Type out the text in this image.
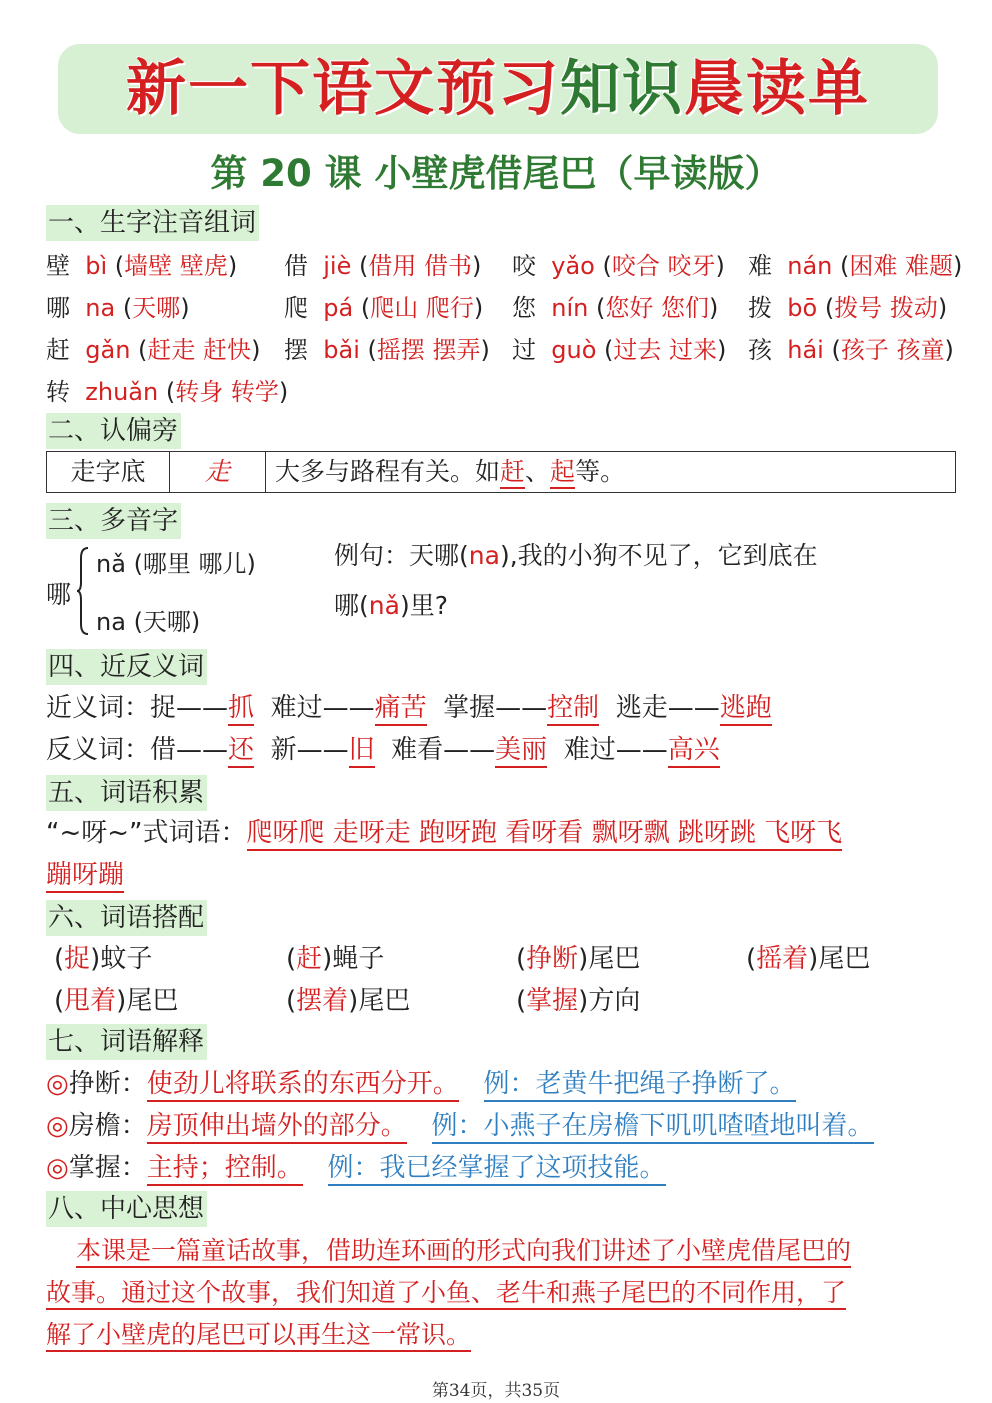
新一下语文预习知识晨读单
第 20 课 小壁虎借尾巴（早读版）
一、生字注音组词
壁 bì (墙壁 壁虎) 借 jiè (借用 借书) 咬 yǎo (咬合 咬牙) 难 nán (困难 难题)
哪 na (天哪)	爬 pá (爬山 爬行) 您 nín (您好 您们) 拨 bō (拨号 拨动)
赶 gǎn (赶走 赶快) 摆 bǎi (摇摆 摆弄) 过 guò (过去 过来) 孩 hái (孩子 孩童)
转 zhuǎn (转身 转学)
二、认偏旁
走字底	走	大多与路程有关。如赶、起等。
三、多音字
哪
nǎ (哪里 哪儿)
na (天哪)
例句：天哪(na),我的小狗不见了，它到底在
哪(nǎ)里?
四、近反义词
近义词：捉——抓 难过——痛苦 掌握——控制 逃走——逃跑
反义词：借——还 新——旧 难看——美丽 难过——高兴
五、词语积累
“~呀~”式词语：爬呀爬 走呀走 跑呀跑 看呀看 飘呀飘 跳呀跳 飞呀飞
蹦呀蹦
六、词语搭配
(捉)蚊子	(赶)蝇子	(挣断)尾巴	(摇着)尾巴
(甩着)尾巴	(摆着)尾巴	(掌握)方向
七、词语解释
◎挣断：使劲儿将联系的东西分开。 例：老黄牛把绳子挣断了。
◎房檐：房顶伸出墙外的部分。 例：小燕子在房檐下叽叽喳喳地叫着。
◎掌握：主持；控制。 例：我已经掌握了这项技能。
八、中心思想
本课是一篇童话故事，借助连环画的形式向我们讲述了小壁虎借尾巴的
故事。通过这个故事，我们知道了小鱼、老牛和燕子尾巴的不同作用，了
解了小壁虎的尾巴可以再生这一常识。
第34页，共35页
